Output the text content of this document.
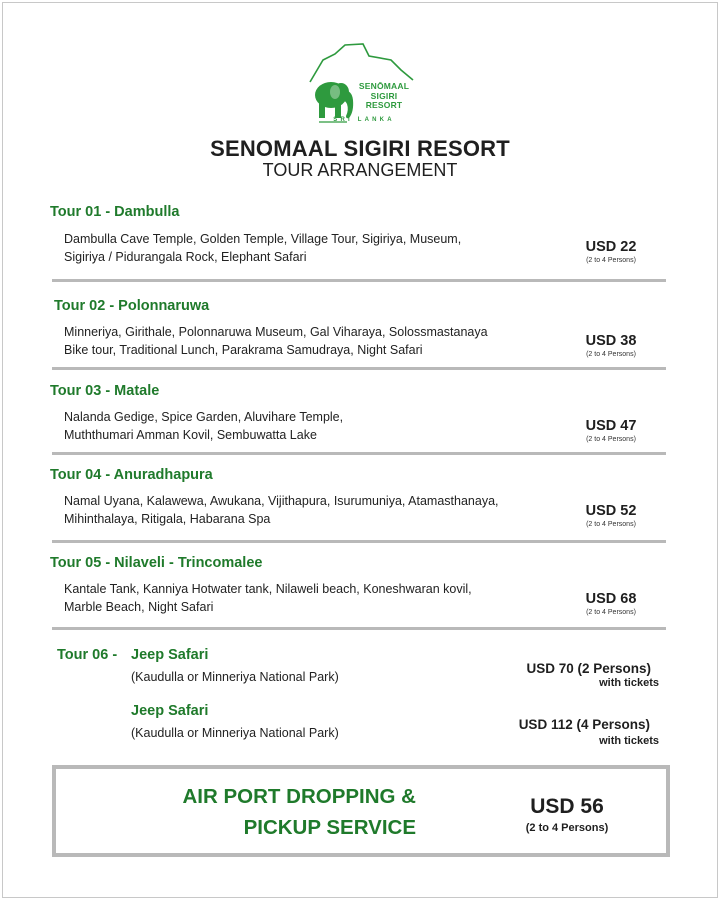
SENŌMAAL
SIGIRI
RESORT
SRI LANKA
SENOMAAL SIGIRI RESORT
TOUR ARRANGEMENT
Tour 01 - Dambulla
Dambulla Cave Temple, Golden Temple, Village Tour, Sigiriya, Museum,
Sigiriya / Pidurangala Rock, Elephant Safari
USD 22
(2 to 4 Persons)
Tour 02 - Polonnaruwa
Minneriya, Girithale, Polonnaruwa Museum, Gal Viharaya, Solossmastanaya
Bike tour, Traditional Lunch, Parakrama Samudraya, Night Safari
USD 38
(2 to 4 Persons)
Tour 03 - Matale
Nalanda Gedige, Spice Garden, Aluvihare Temple,
Muththumari Amman Kovil, Sembuwatta Lake
USD 47
(2 to 4 Persons)
Tour 04 - Anuradhapura
Namal Uyana, Kalawewa, Awukana, Vijithapura, Isurumuniya, Atamasthanaya,
Mihinthalaya, Ritigala, Habarana Spa	USD 52
(2 to 4 Persons)
Tour 05 - Nilaveli - Trincomalee
Kantale Tank, Kanniya Hotwater tank, Nilaweli beach, Koneshwaran kovil,
Marble Beach, Night Safari	USD 68
(2 to 4 Persons)
Tour 06 - Jeep Safari
(Kaudulla or Minneriya National Park)
USD 70 (2 Persons)
with tickets
Jeep Safari
(Kaudulla or Minneriya National Park)
USD 112 (4 Persons)
with tickets
AIR PORT DROPPING &
PICKUP SERVICE
USD 56
(2 to 4 Persons)
